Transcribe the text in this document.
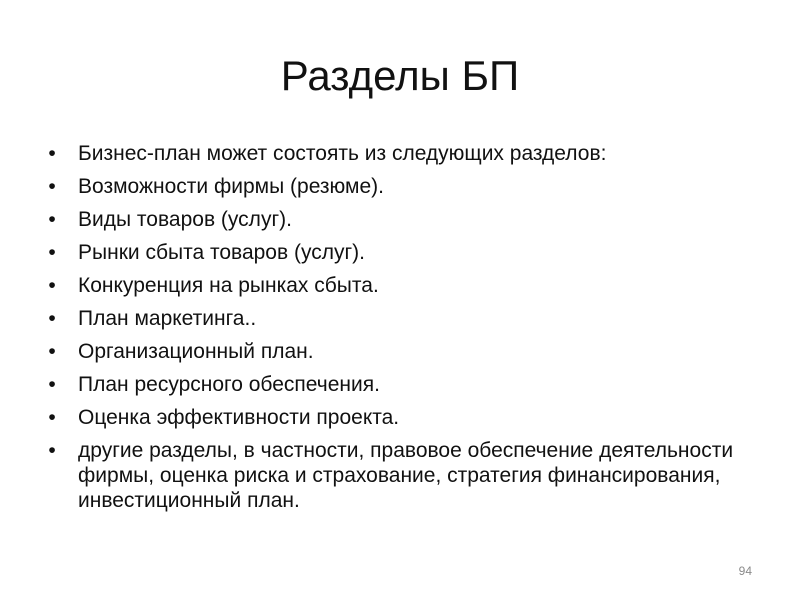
Разделы БП
• Бизнес-план может состоять из следующих разделов:
• Возможности фирмы (резюме).
• Виды товаров (услуг).
• Рынки сбыта товаров (услуг).
• Конкуренция на рынках сбыта.
• План маркетинга..
• Организационный план.
• План ресурсного обеспечения.
• Оценка эффективности проекта.
• другие разделы, в частности, правовое обеспечение деятельности фирмы, оценка риска и страхование, стратегия финансирования, инвестиционный план.
94
